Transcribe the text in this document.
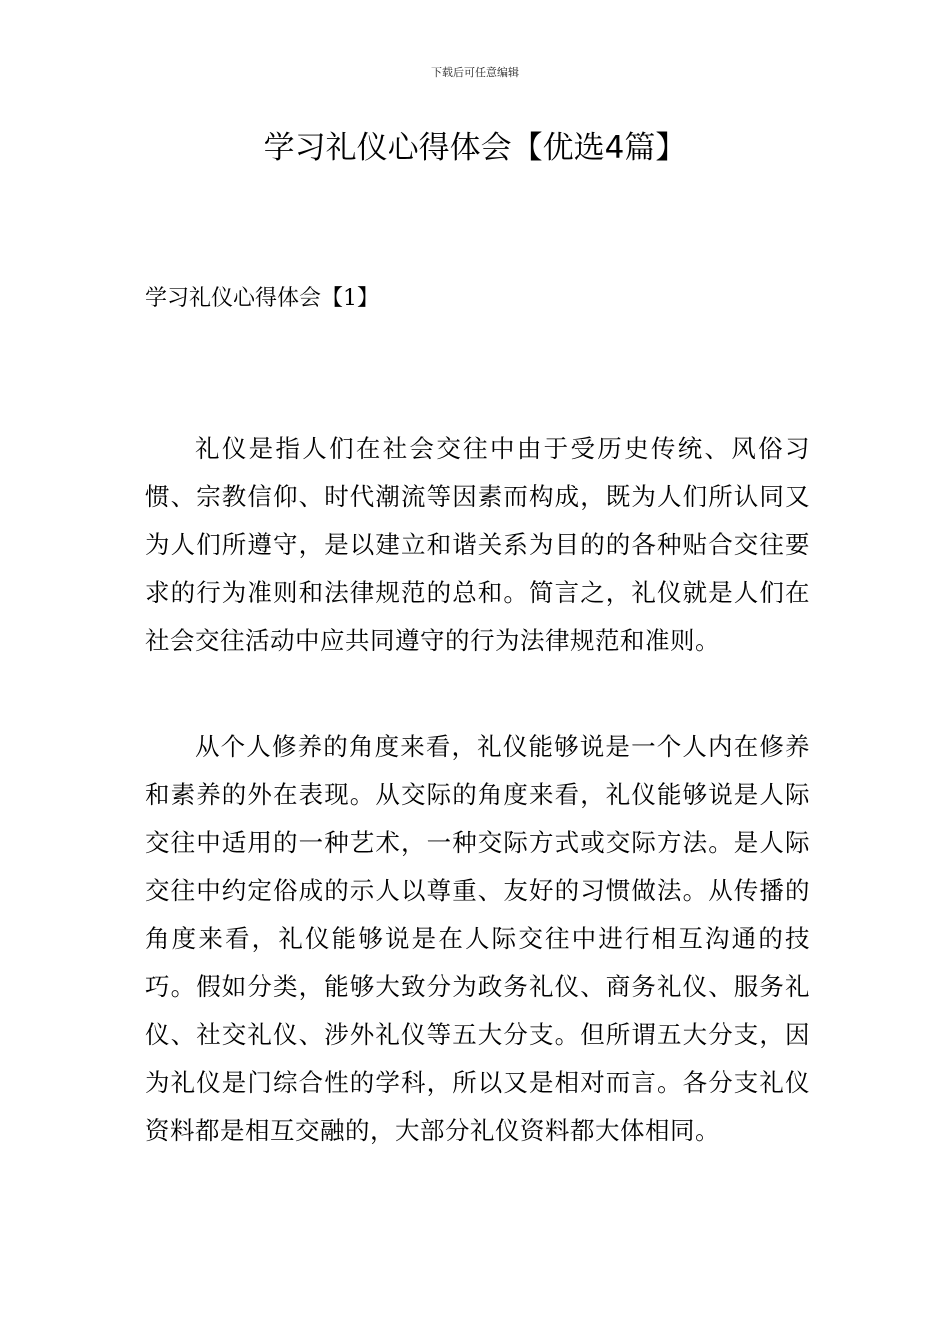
下载后可任意编辑
学习礼仪心得体会【优选4篇】
学习礼仪心得体会【1】

礼仪是指人们在社会交往中由于受历史传统、风俗习惯、宗教信仰、时代潮流等因素而构成，既为人们所认同又为人们所遵守，是以建立和谐关系为目的的各种贴合交往要求的行为准则和法律规范的总和。简言之，礼仪就是人们在社会交往活动中应共同遵守的行为法律规范和准则。

从个人修养的角度来看，礼仪能够说是一个人内在修养和素养的外在表现。从交际的角度来看，礼仪能够说是人际交往中适用的一种艺术，一种交际方式或交际方法。是人际交往中约定俗成的示人以尊重、友好的习惯做法。从传播的角度来看，礼仪能够说是在人际交往中进行相互沟通的技巧。假如分类，能够大致分为政务礼仪、商务礼仪、服务礼仪、社交礼仪、涉外礼仪等五大分支。但所谓五大分支，因为礼仪是门综合性的学科，所以又是相对而言。各分支礼仪资料都是相互交融的，大部分礼仪资料都大体相同。
